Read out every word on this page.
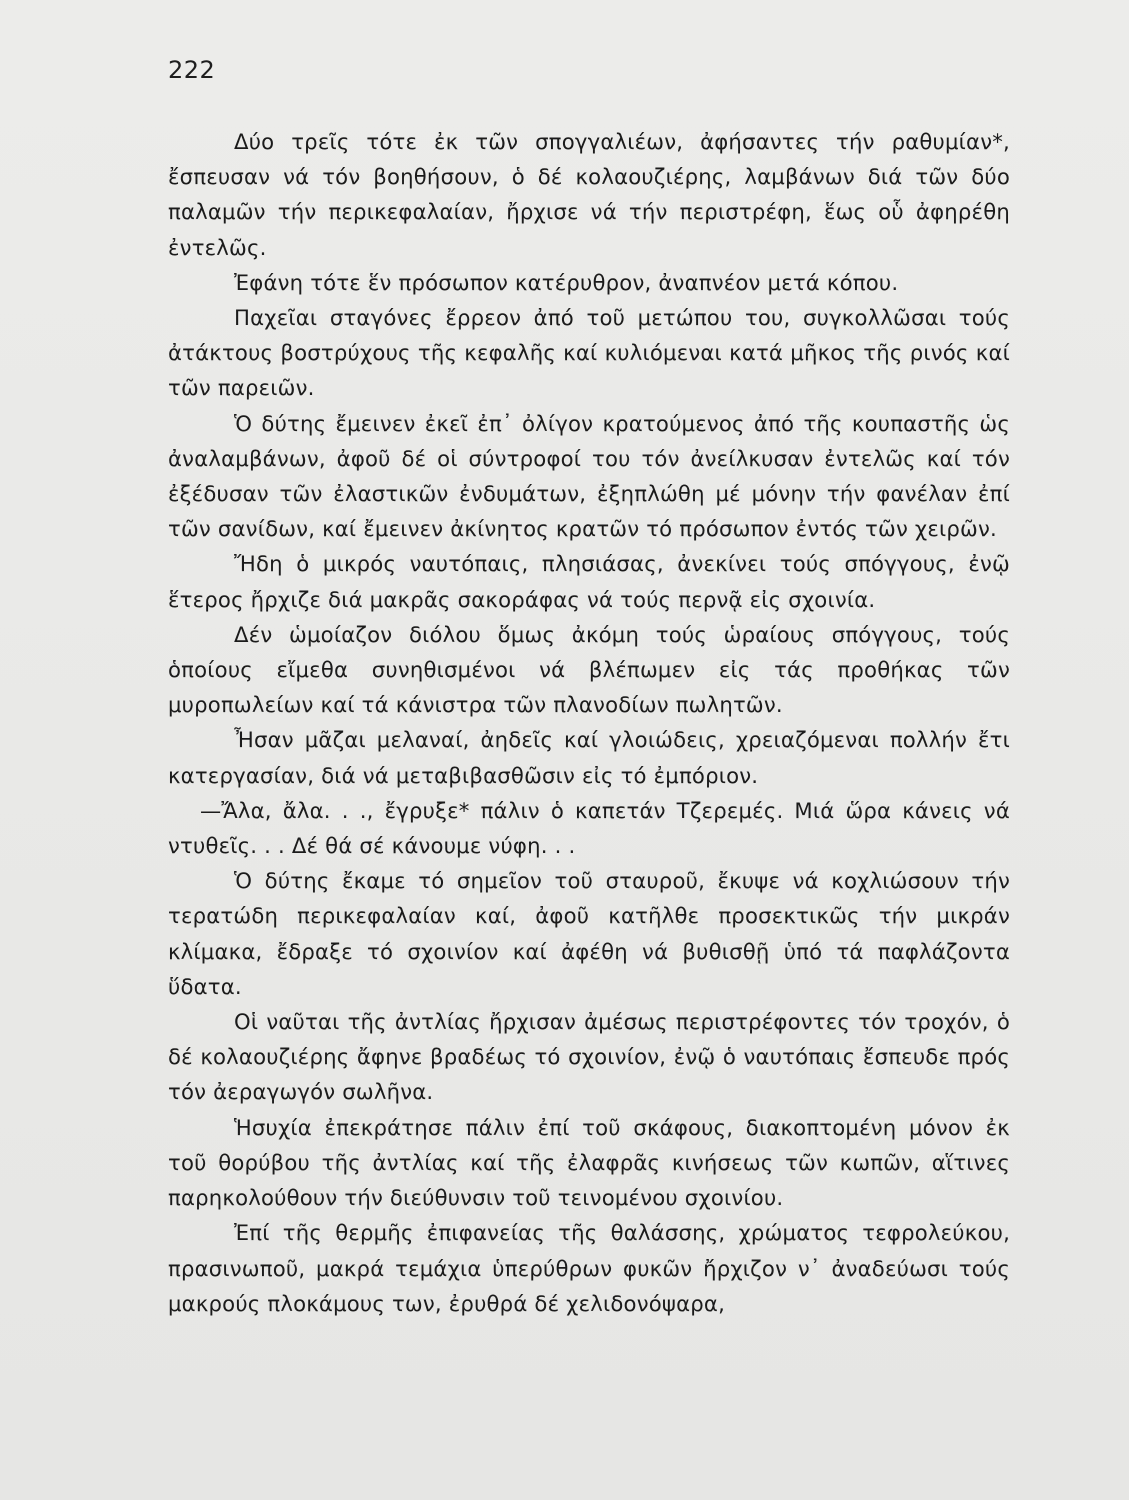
222

Δύο τρεῖς τότε ἐκ τῶν σπογγαλιέων, ἀφήσαντες τήν ραθυμίαν*, ἔσπευσαν νά τόν βοηθήσουν, ὁ δέ κολαουζιέρης, λαμβάνων διά τῶν δύο παλαμῶν τήν περικεφαλαίαν, ἤρχισε νά τήν περιστρέφη, ἕως οὗ ἀφηρέθη ἐντελῶς.

Ἐφάνη τότε ἕν πρόσωπον κατέρυθρον, ἀναπνέον μετά κόπου.

Παχεῖαι σταγόνες ἔρρεον ἀπό τοῦ μετώπου του, συγκολλῶσαι τούς ἀτάκτους βοστρύχους τῆς κεφαλῆς καί κυλιόμεναι κατά μῆκος τῆς ρινός καί τῶν παρειῶν.

Ὁ δύτης ἔμεινεν ἐκεῖ ἐπ᾽ ὀλίγον κρατούμενος ἀπό τῆς κουπαστῆς ὡς ἀναλαμβάνων, ἀφοῦ δέ οἱ σύντροφοί του τόν ἀνείλκυσαν ἐντελῶς καί τόν ἐξέδυσαν τῶν ἐλαστικῶν ἐνδυμάτων, ἐξηπλώθη μέ μόνην τήν φανέλαν ἐπί τῶν σανίδων, καί ἔμεινεν ἀκίνητος κρατῶν τό πρόσωπον ἐντός τῶν χειρῶν.

Ἤδη ὁ μικρός ναυτόπαις, πλησιάσας, ἀνεκίνει τούς σπόγγους, ἐνῷ ἕτερος ἤρχιζε διά μακρᾶς σακοράφας νά τούς περνᾷ εἰς σχοινία.

Δέν ὡμοίαζον διόλου ὅμως ἀκόμη τούς ὡραίους σπόγγους, τούς ὁποίους εἴμεθα συνηθισμένοι νά βλέπωμεν εἰς τάς προθήκας τῶν μυροπωλείων καί τά κάνιστρα τῶν πλανοδίων πωλητῶν.

Ἦσαν μᾶζαι μελαναί, ἀηδεῖς καί γλοιώδεις, χρειαζόμεναι πολλήν ἔτι κατεργασίαν, διά νά μεταβιβασθῶσιν εἰς τό ἐμπόριον.

—Ἄλα, ἄλα. . ., ἔγρυξε* πάλιν ὁ καπετάν Τζερεμές. Μιά ὥρα κάνεις νά ντυθεῖς. . . Δέ θά σέ κάνουμε νύφη. . .

Ὁ δύτης ἔκαμε τό σημεῖον τοῦ σταυροῦ, ἔκυψε νά κοχλιώσουν τήν τερατώδη περικεφαλαίαν καί, ἀφοῦ κατῆλθε προσεκτικῶς τήν μικράν κλίμακα, ἔδραξε τό σχοινίον καί ἀφέθη νά βυθισθῇ ὑπό τά παφλάζοντα ὕδατα.

Οἱ ναῦται τῆς ἀντλίας ἤρχισαν ἀμέσως περιστρέφοντες τόν τροχόν, ὁ δέ κολαουζιέρης ἄφηνε βραδέως τό σχοινίον, ἐνῷ ὁ ναυτόπαις ἔσπευδε πρός τόν ἀεραγωγόν σωλῆνα.

Ἡσυχία ἐπεκράτησε πάλιν ἐπί τοῦ σκάφους, διακοπτομένη μόνον ἐκ τοῦ θορύβου τῆς ἀντλίας καί τῆς ἐλαφρᾶς κινήσεως τῶν κωπῶν, αἵτινες παρηκολούθουν τήν διεύθυνσιν τοῦ τεινομένου σχοινίου.

Ἐπί τῆς θερμῆς ἐπιφανείας τῆς θαλάσσης, χρώματος τεφρολεύκου, πρασινωποῦ, μακρά τεμάχια ὑπερύθρων φυκῶν ἤρχιζον ν᾽ ἀναδεύωσι τούς μακρούς πλοκάμους των, ἐρυθρά δέ χελιδονόψαρα,
